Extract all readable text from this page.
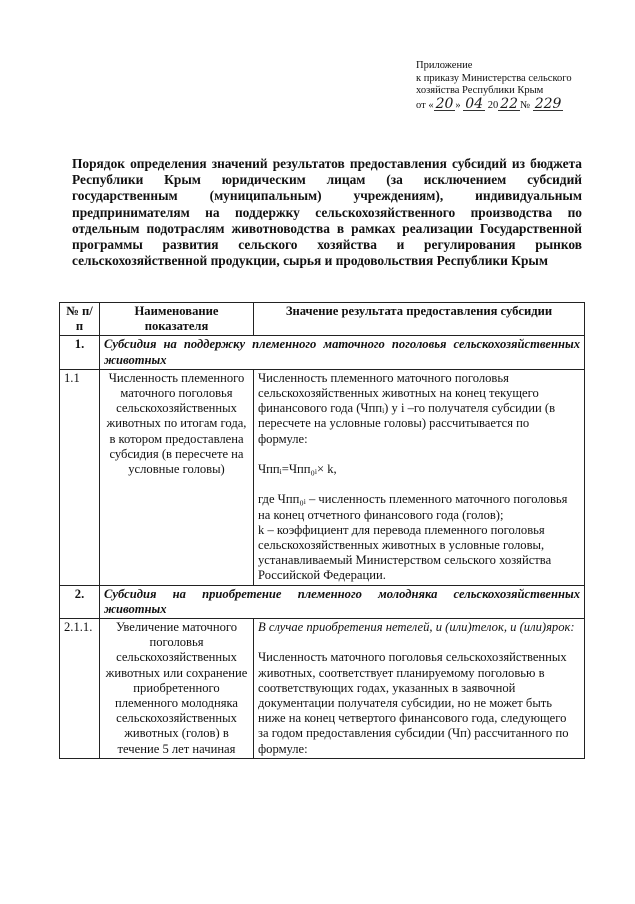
Приложение
к приказу Министерства сельского
хозяйства Республики Крым
от « 20 » 04 20 22 № 229

Порядок определения значений результатов предоставления субсидий из бюджета Республики Крым юридическим лицам (за исключением субсидий государственным (муниципальным) учреждениям), индивидуальным предпринимателям на поддержку сельскохозяйственного производства по отдельным подотраслям животноводства в рамках реализации Государственной программы развития сельского хозяйства и регулирования рынков сельскохозяйственной продукции, сырья и продовольствия Республики Крым

№ п/п	Наименование показателя	Значение результата предоставления субсидии
1.	Субсидия на поддержку племенного маточного поголовья сельскохозяйственных животных	
1.1	Численность племенного маточного поголовья сельскохозяйственных животных по итогам года, в котором предоставлена субсидия (в пересчете на условные головы)	Численность племенного маточного поголовья сельскохозяйственных животных на конец текущего финансового года (Чппᵢ) у i –го получателя субсидии (в пересчете на условные головы) рассчитывается по формуле:

Чппᵢ=Чпп₀ᵢ× k,

где Чпп₀ᵢ – численность племенного маточного поголовья на конец отчетного финансового года (голов);
k – коэффициент для перевода племенного поголовья сельскохозяйственных животных в условные головы, устанавливаемый Министерством сельского хозяйства Российской Федерации.
2.	Субсидия на приобретение племенного молодняка сельскохозяйственных животных	
2.1.1.	Увеличение маточного поголовья сельскохозяйственных животных или сохранение приобретенного племенного молодняка сельскохозяйственных животных (голов) в течение 5 лет начиная	В случае приобретения нетелей, и (или)телок, и (или)ярок:

Численность маточного поголовья сельскохозяйственных животных, соответствует планируемому поголовью в соответствующих годах, указанных в заявочной документации получателя субсидии, но не может быть ниже на конец четвертого финансового года, следующего за годом предоставления субсидии (Чп) рассчитанного по формуле:
